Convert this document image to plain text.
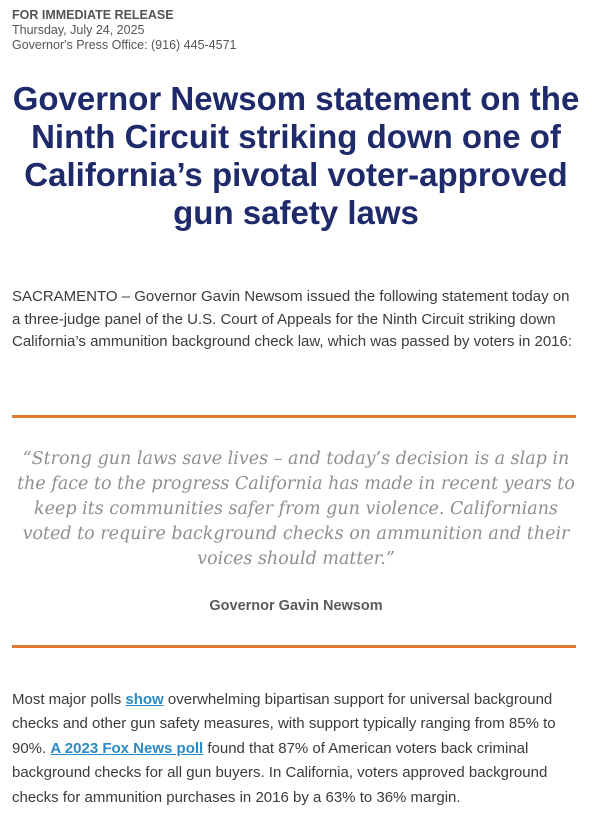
FOR IMMEDIATE RELEASE
Thursday, July 24, 2025
Governor's Press Office: (916) 445-4571
Governor Newsom statement on the Ninth Circuit striking down one of California’s pivotal voter-approved gun safety laws

SACRAMENTO – Governor Gavin Newsom issued the following statement today on a three-judge panel of the U.S. Court of Appeals for the Ninth Circuit striking down California’s ammunition background check law, which was passed by voters in 2016:

“Strong gun laws save lives – and today’s decision is a slap in the face to the progress California has made in recent years to keep its communities safer from gun violence. Californians voted to require background checks on ammunition and their voices should matter.”

Governor Gavin Newsom

Most major polls show overwhelming bipartisan support for universal background checks and other gun safety measures, with support typically ranging from 85% to 90%. A 2023 Fox News poll found that 87% of American voters back criminal background checks for all gun buyers. In California, voters approved background checks for ammunition purchases in 2016 by a 63% to 36% margin.
